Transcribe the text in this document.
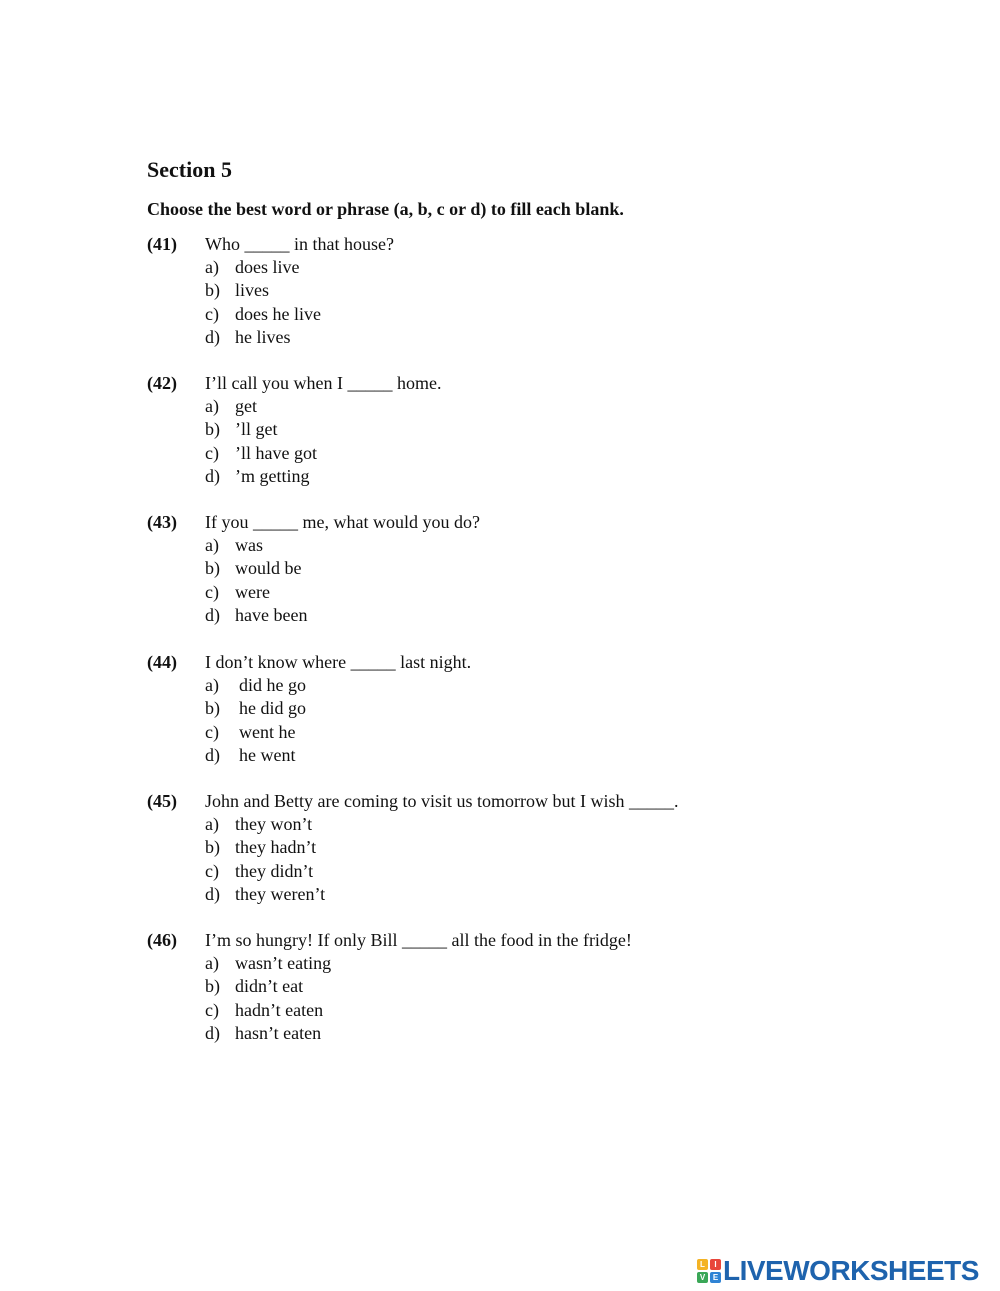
Section 5

Choose the best word or phrase (a, b, c or d) to fill each blank.

(41) Who _____ in that house?
a) does live
b) lives
c) does he live
d) he lives
(42) I’ll call you when I _____ home.
a) get
b) ’ll get
c) ’ll have got
d) ’m getting
(43) If you _____ me, what would you do?
a) was
b) would be
c) were
d) have been
(44) I don’t know where _____ last night.
a) did he go
b) he did go
c) went he
d) he went
(45) John and Betty are coming to visit us tomorrow but I wish _____.
a) they won’t
b) they hadn’t
c) they didn’t
d) they weren’t
(46) I’m so hungry! If only Bill _____ all the food in the fridge!
a) wasn’t eating
b) didn’t eat
c) hadn’t eaten
d) hasn’t eaten
L	I
V E LIVEWORKSHEETS
